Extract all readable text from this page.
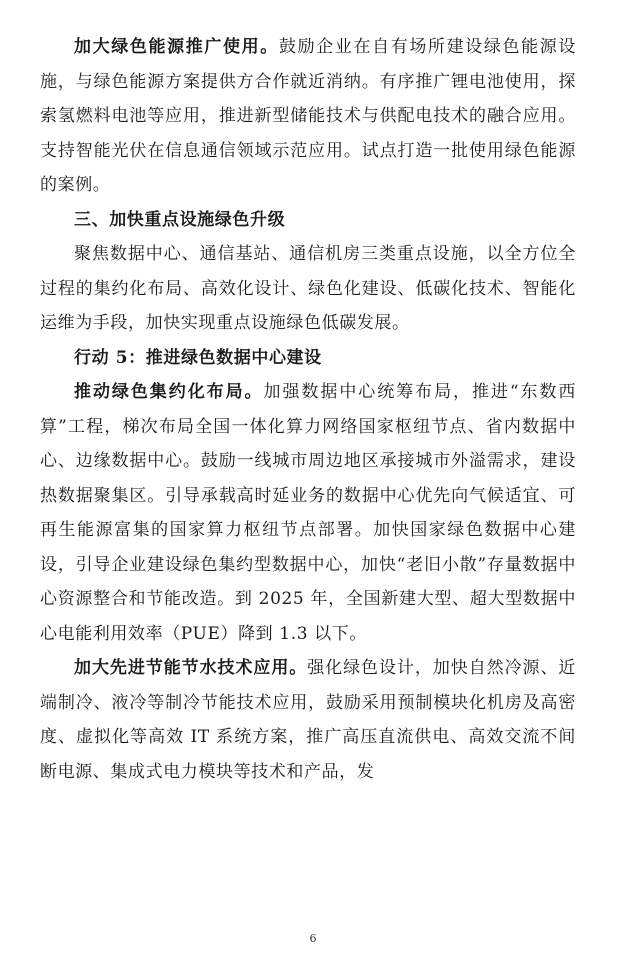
加大绿色能源推广使用。鼓励企业在自有场所建设绿色能源设施，与绿色能源方案提供方合作就近消纳。有序推广锂电池使用，探索氢燃料电池等应用，推进新型储能技术与供配电技术的融合应用。支持智能光伏在信息通信领域示范应用。试点打造一批使用绿色能源的案例。

三、加快重点设施绿色升级

聚焦数据中心、通信基站、通信机房三类重点设施，以全方位全过程的集约化布局、高效化设计、绿色化建设、低碳化技术、智能化运维为手段，加快实现重点设施绿色低碳发展。

行动 5：推进绿色数据中心建设

推动绿色集约化布局。加强数据中心统筹布局，推进“东数西算”工程，梯次布局全国一体化算力网络国家枢纽节点、省内数据中心、边缘数据中心。鼓励一线城市周边地区承接城市外溢需求，建设热数据聚集区。引导承载高时延业务的数据中心优先向气候适宜、可再生能源富集的国家算力枢纽节点部署。加快国家绿色数据中心建设，引导企业建设绿色集约型数据中心，加快“老旧小散”存量数据中心资源整合和节能改造。到 2025 年，全国新建大型、超大型数据中心电能利用效率（PUE）降到 1.3 以下。

加大先进节能节水技术应用。强化绿色设计，加快自然冷源、近端制冷、液冷等制冷节能技术应用，鼓励采用预制模块化机房及高密度、虚拟化等高效 IT 系统方案，推广高压直流供电、高效交流不间断电源、集成式电力模块等技术和产品，发

6
